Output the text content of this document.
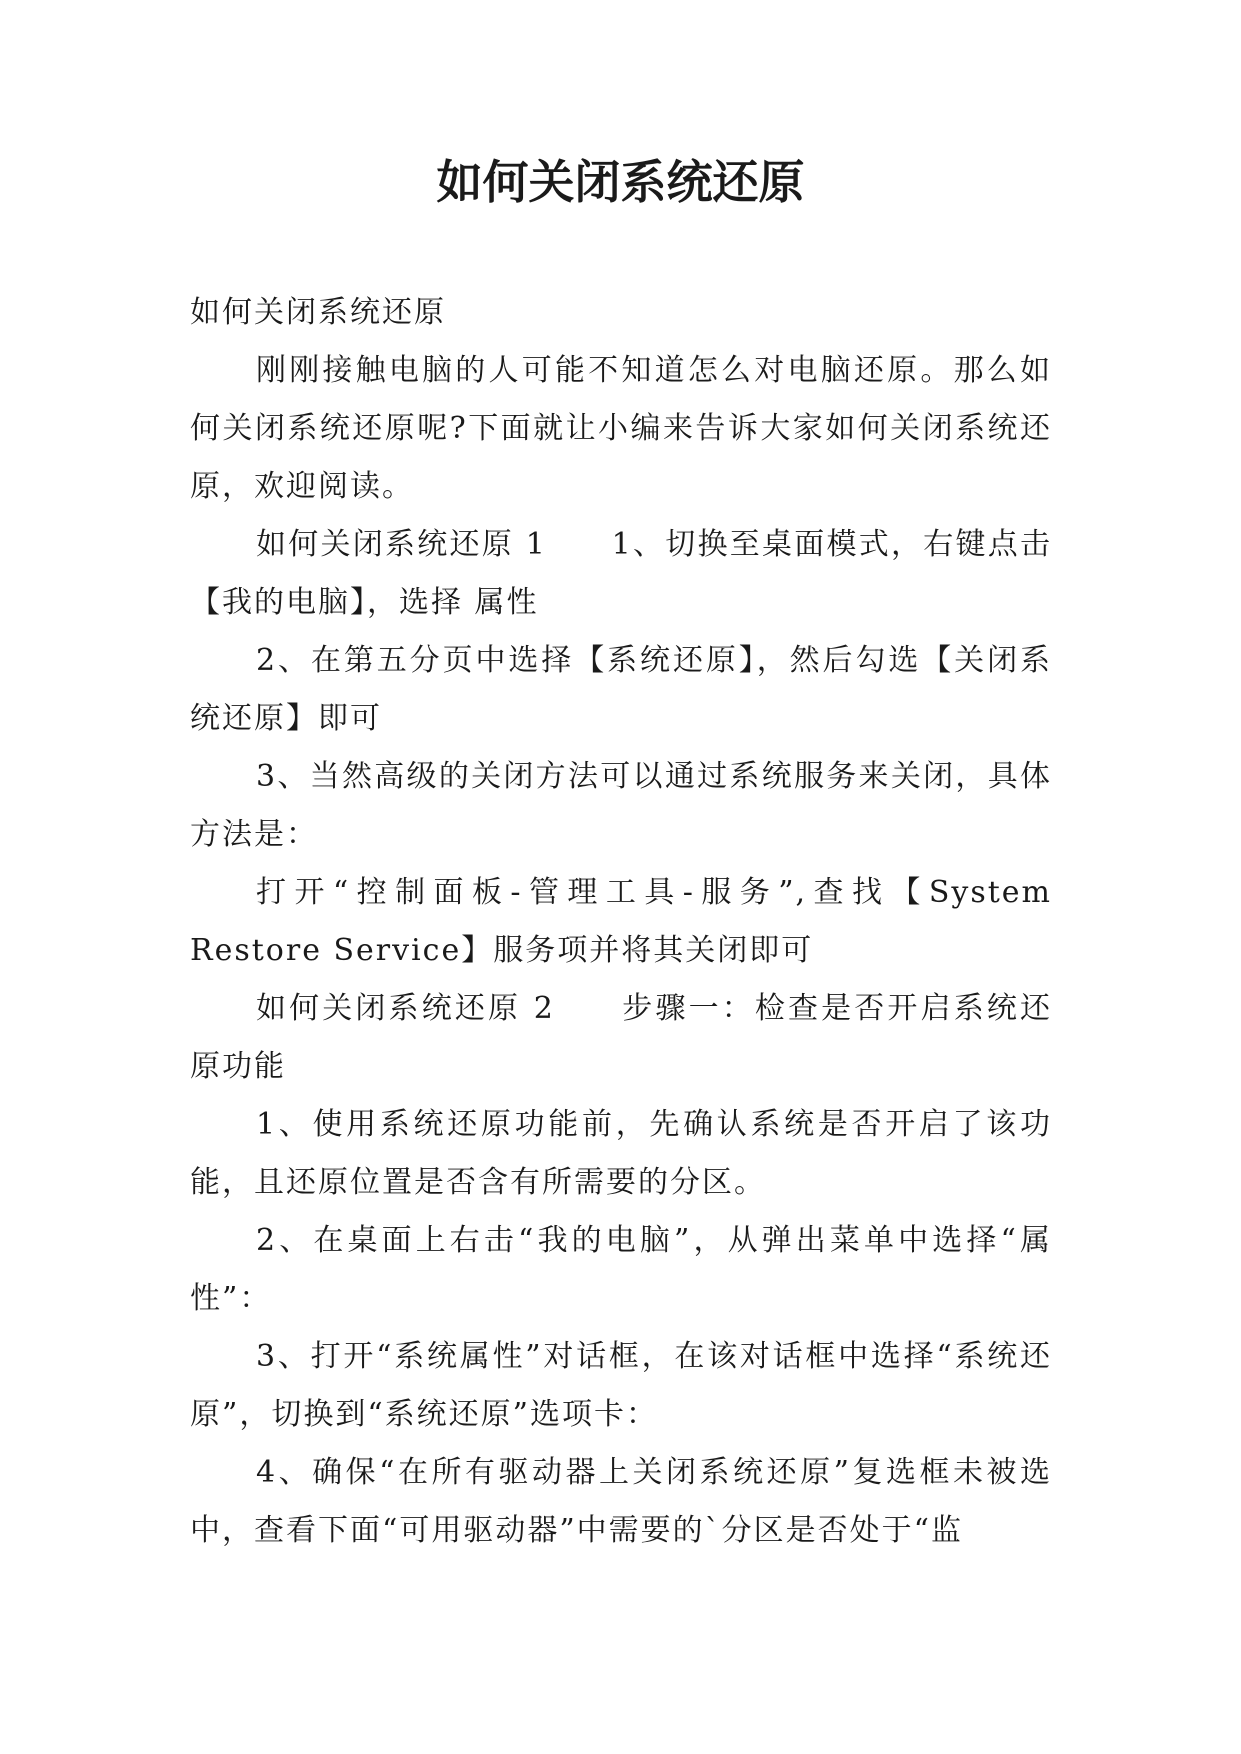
如何关闭系统还原

如何关闭系统还原

刚刚接触电脑的人可能不知道怎么对电脑还原。那么如何关闭系统还原呢?下面就让小编来告诉大家如何关闭系统还原，欢迎阅读。

如何关闭系统还原 1　　1、切换至桌面模式，右键点击【我的电脑】，选择 属性

2、在第五分页中选择【系统还原】，然后勾选【关闭系统还原】即可

3、当然高级的关闭方法可以通过系统服务来关闭，具体方法是：

打开“控制面板-管理工具-服务”,查找【System Restore Service】服务项并将其关闭即可

如何关闭系统还原 2　　步骤一：检查是否开启系统还原功能

1、使用系统还原功能前，先确认系统是否开启了该功能，且还原位置是否含有所需要的分区。

2、在桌面上右击“我的电脑”，从弹出菜单中选择“属性”：

3、打开“系统属性”对话框，在该对话框中选择“系统还原”，切换到“系统还原”选项卡：

4、确保“在所有驱动器上关闭系统还原”复选框未被选中，查看下面“可用驱动器”中需要的`分区是否处于“监
